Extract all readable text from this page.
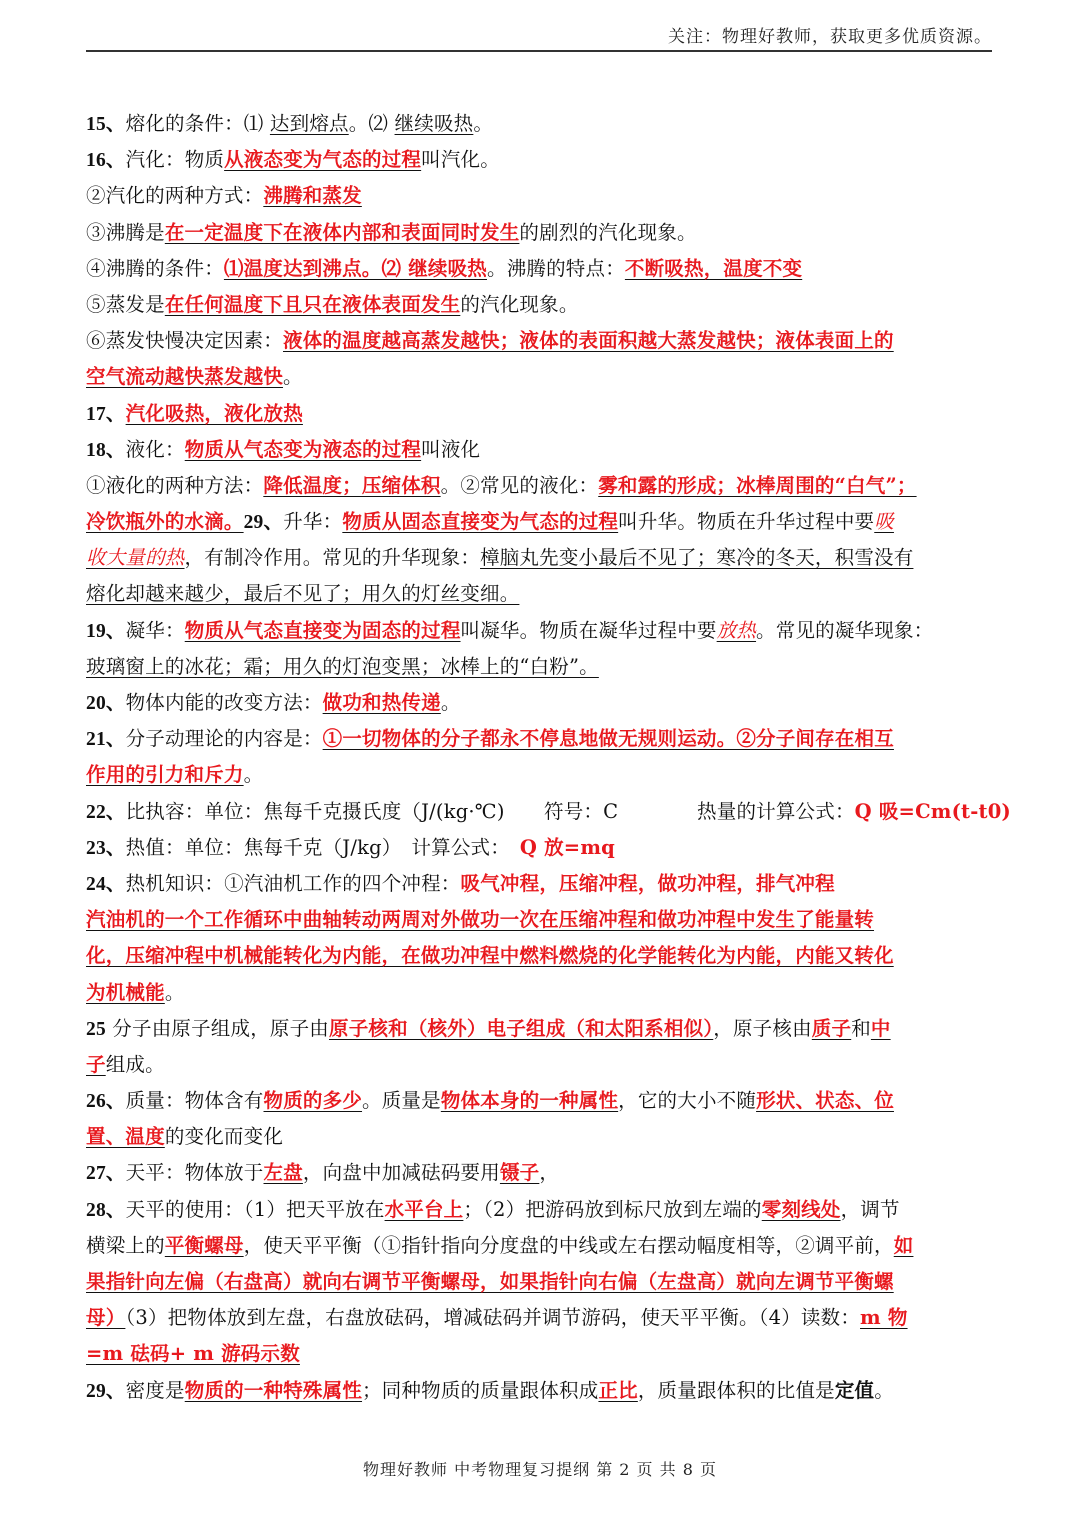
关注：物理好教师，获取更多优质资源。
15、熔化的条件：⑴ 达到熔点。⑵ 继续吸热。
16、汽化：物质从液态变为气态的过程叫汽化。
②汽化的两种方式：沸腾和蒸发
③沸腾是在一定温度下在液体内部和表面同时发生的剧烈的汽化现象。
④沸腾的条件：⑴温度达到沸点。⑵ 继续吸热。沸腾的特点：不断吸热，温度不变
⑤蒸发是在任何温度下且只在液体表面发生的汽化现象。
⑥蒸发快慢决定因素：液体的温度越高蒸发越快；液体的表面积越大蒸发越快；液体表面上的
空气流动越快蒸发越快。
17、汽化吸热，液化放热
18、液化：物质从气态变为液态的过程叫液化
①液化的两种方法：降低温度；压缩体积。②常见的液化：雾和露的形成；冰棒周围的“白气”；
冷饮瓶外的水滴。29、升华：物质从固态直接变为气态的过程叫升华。物质在升华过程中要吸
收大量的热，有制冷作用。常见的升华现象：樟脑丸先变小最后不见了；寒冷的冬天，积雪没有
熔化却越来越少，最后不见了；用久的灯丝变细。
19、凝华：物质从气态直接变为固态的过程叫凝华。物质在凝华过程中要放热。常见的凝华现象：
玻璃窗上的冰花；霜；用久的灯泡变黑；冰棒上的“白粉”。
20、物体内能的改变方法：做功和热传递。
21、分子动理论的内容是：①一切物体的分子都永不停息地做无规则运动。②分子间存在相互
作用的引力和斥力。
22、比执容：单位：焦每千克摄氏度（J/(kg·℃)　　符号：C　　　　热量的计算公式：Q 吸=Cm(t-t0)
23、热值：单位：焦每千克（J/kg）　计算公式：　Q 放=mq
24、热机知识：①汽油机工作的四个冲程：吸气冲程，压缩冲程，做功冲程，排气冲程
汽油机的一个工作循环中曲轴转动两周对外做功一次在压缩冲程和做功冲程中发生了能量转
化，压缩冲程中机械能转化为内能，在做功冲程中燃料燃烧的化学能转化为内能，内能又转化
为机械能。
25 分子由原子组成，原子由原子核和（核外）电子组成（和太阳系相似），原子核由质子和中
子组成。
26、质量：物体含有物质的多少。质量是物体本身的一种属性，它的大小不随形状、状态、位
置、温度的变化而变化
27、天平：物体放于左盘，向盘中加减砝码要用镊子，
28、天平的使用：（1）把天平放在水平台上；（2）把游码放到标尺放到左端的零刻线处，调节
横梁上的平衡螺母，使天平平衡（①指针指向分度盘的中线或左右摆动幅度相等，②调平前，如
果指针向左偏（右盘高）就向右调节平衡螺母，如果指针向右偏（左盘高）就向左调节平衡螺
母）（3）把物体放到左盘，右盘放砝码，增减砝码并调节游码，使天平平衡。（4）读数：m 物
=m 砝码+ m 游码示数
29、密度是物质的一种特殊属性；同种物质的质量跟体积成正比，质量跟体积的比值是定值。
物理好教师 中考物理复习提纲 第 2 页 共 8 页
